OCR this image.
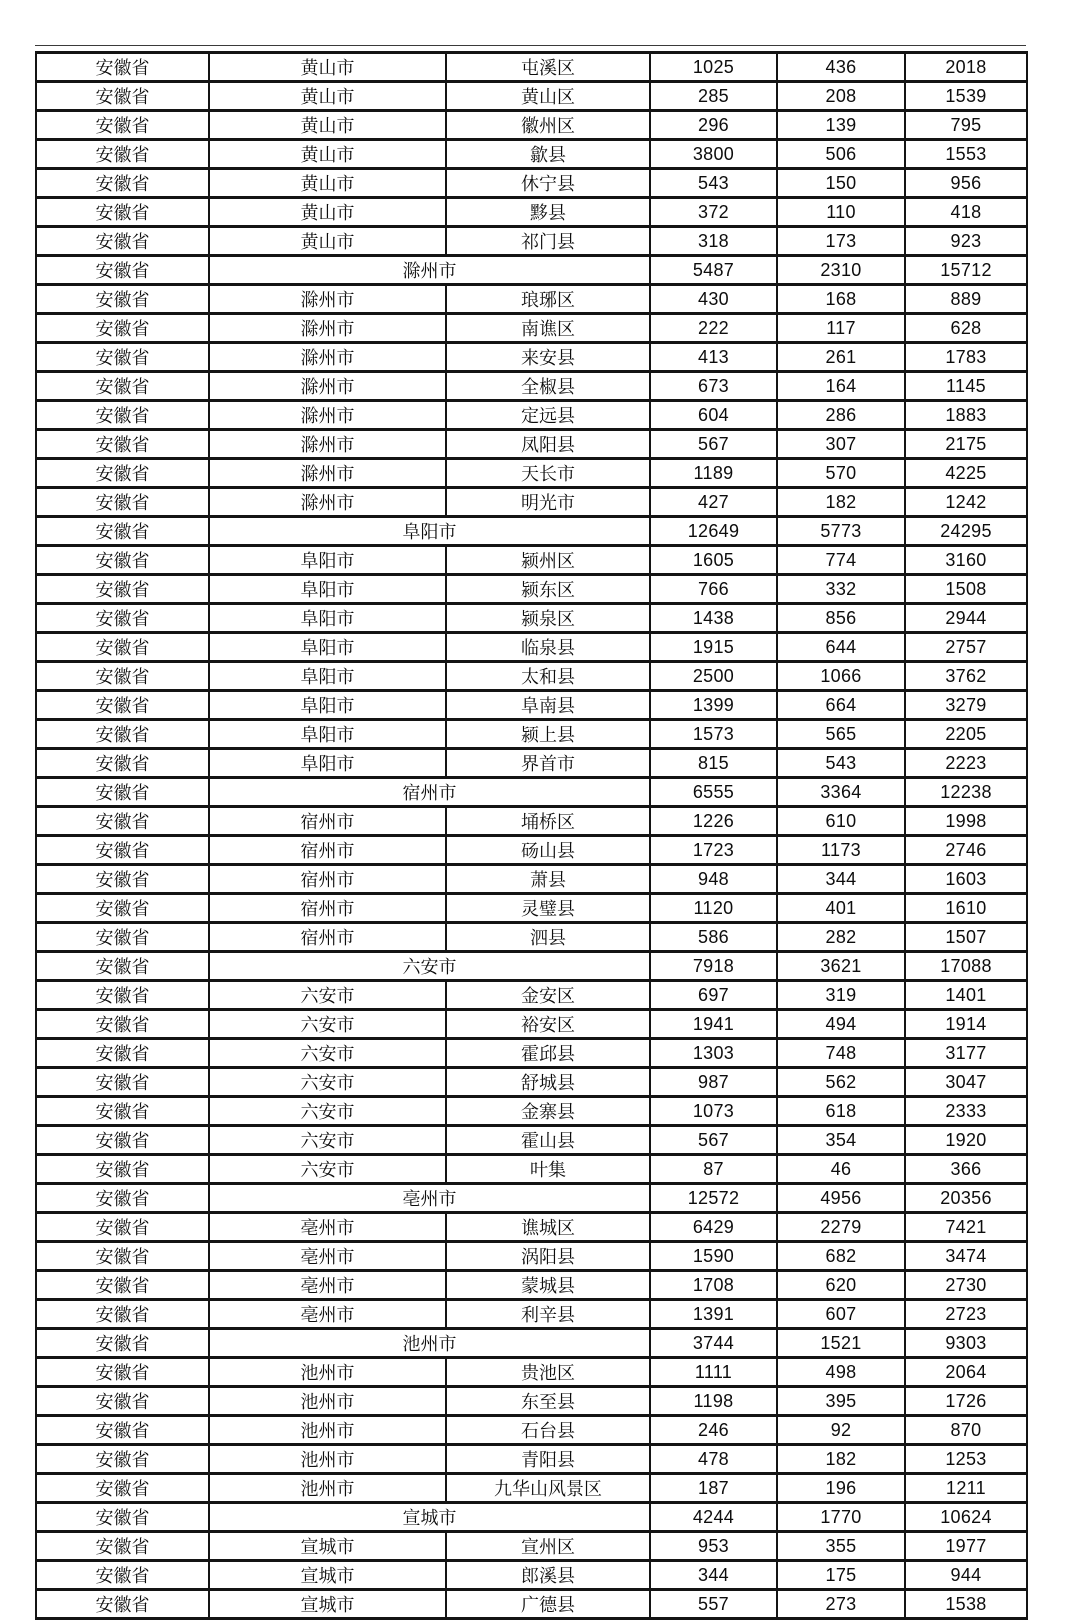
安徽省	黄山市	屯溪区	1025	436	2018
安徽省	黄山市	黄山区	285	208	1539
安徽省	黄山市	徽州区	296	139	795
安徽省	黄山市	歙县	3800	506	1553
安徽省	黄山市	休宁县	543	150	956
安徽省	黄山市	黟县	372	110	418
安徽省	黄山市	祁门县	318	173	923
安徽省	滁州市		5487	2310	15712
安徽省	滁州市	琅琊区	430	168	889
安徽省	滁州市	南谯区	222	117	628
安徽省	滁州市	来安县	413	261	1783
安徽省	滁州市	全椒县	673	164	1145
安徽省	滁州市	定远县	604	286	1883
安徽省	滁州市	凤阳县	567	307	2175
安徽省	滁州市	天长市	1189	570	4225
安徽省	滁州市	明光市	427	182	1242
安徽省	阜阳市		12649	5773	24295
安徽省	阜阳市	颍州区	1605	774	3160
安徽省	阜阳市	颍东区	766	332	1508
安徽省	阜阳市	颍泉区	1438	856	2944
安徽省	阜阳市	临泉县	1915	644	2757
安徽省	阜阳市	太和县	2500	1066	3762
安徽省	阜阳市	阜南县	1399	664	3279
安徽省	阜阳市	颍上县	1573	565	2205
安徽省	阜阳市	界首市	815	543	2223
安徽省	宿州市		6555	3364	12238
安徽省	宿州市	埇桥区	1226	610	1998
安徽省	宿州市	砀山县	1723	1173	2746
安徽省	宿州市	萧县	948	344	1603
安徽省	宿州市	灵璧县	1120	401	1610
安徽省	宿州市	泗县	586	282	1507
安徽省	六安市		7918	3621	17088
安徽省	六安市	金安区	697	319	1401
安徽省	六安市	裕安区	1941	494	1914
安徽省	六安市	霍邱县	1303	748	3177
安徽省	六安市	舒城县	987	562	3047
安徽省	六安市	金寨县	1073	618	2333
安徽省	六安市	霍山县	567	354	1920
安徽省	六安市	叶集	87	46	366
安徽省	亳州市		12572	4956	20356
安徽省	亳州市	谯城区	6429	2279	7421
安徽省	亳州市	涡阳县	1590	682	3474
安徽省	亳州市	蒙城县	1708	620	2730
安徽省	亳州市	利辛县	1391	607	2723
安徽省	池州市		3744	1521	9303
安徽省	池州市	贵池区	1111	498	2064
安徽省	池州市	东至县	1198	395	1726
安徽省	池州市	石台县	246	92	870
安徽省	池州市	青阳县	478	182	1253
安徽省	池州市	九华山风景区	187	196	1211
安徽省	宣城市		4244	1770	10624
安徽省	宣城市	宣州区	953	355	1977
安徽省	宣城市	郎溪县	344	175	944
安徽省	宣城市	广德县	557	273	1538
